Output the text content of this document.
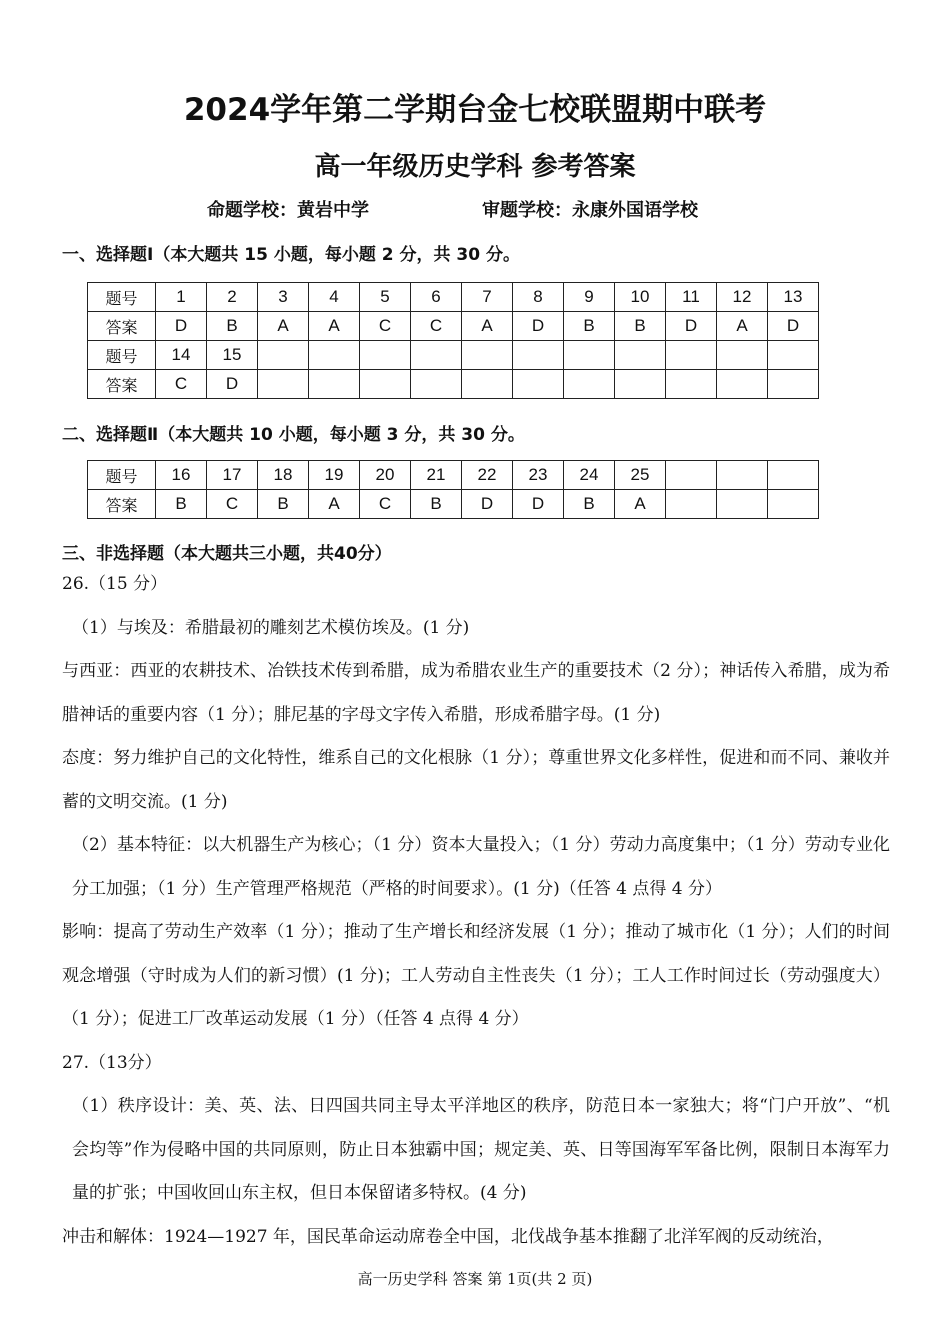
2024学年第二学期台金七校联盟期中联考
高一年级历史学科 参考答案
命题学校：黄岩中学	审题学校：永康外国语学校
一、选择题Ⅰ（本大题共 15 小题，每小题 2 分，共 30 分。
题号	1	2	3	4	5	6	7	8	9	10	11	12	13
答案	D	B	A	A	C	C	A	D	B	B	D	A	D
题号	14	15											
答案	C	D											
二、选择题Ⅱ（本大题共 10 小题，每小题 3 分，共 30 分。
题号	16	17	18	19	20	21	22	23	24	25			
答案	B	C	B	A	C	B	D	D	B	A			
三、非选择题（本大题共三小题，共40分）

26.（15 分）

（1）与埃及：希腊最初的雕刻艺术模仿埃及。(1 分)

与西亚：西亚的农耕技术、冶铁技术传到希腊，成为希腊农业生产的重要技术（2 分）；神话传入希腊，成为希腊神话的重要内容（1 分）；腓尼基的字母文字传入希腊，形成希腊字母。(1 分)

态度：努力维护自己的文化特性，维系自己的文化根脉（1 分）；尊重世界文化多样性，促进和而不同、兼收并蓄的文明交流。(1 分)

（2）基本特征：以大机器生产为核心；（1 分）资本大量投入；（1 分）劳动力高度集中；（1 分）劳动专业化分工加强；（1 分）生产管理严格规范（严格的时间要求）。(1 分)（任答 4 点得 4 分）

影响：提高了劳动生产效率（1 分）；推动了生产增长和经济发展（1 分）；推动了城市化（1 分）；人们的时间观念增强（守时成为人们的新习惯）(1 分)；工人劳动自主性丧失（1 分）；工人工作时间过长（劳动强度大）（1 分）；促进工厂改革运动发展（1 分）（任答 4 点得 4 分）

27.（13分）

（1）秩序设计：美、英、法、日四国共同主导太平洋地区的秩序，防范日本一家独大；将“门户开放”、“机会均等”作为侵略中国的共同原则，防止日本独霸中国；规定美、英、日等国海军军备比例，限制日本海军力量的扩张；中国收回山东主权，但日本保留诸多特权。(4 分)

冲击和解体：1924—1927 年，国民革命运动席卷全中国，北伐战争基本推翻了北洋军阀的反动统治，

高一历史学科 答案 第 1页(共 2 页)
